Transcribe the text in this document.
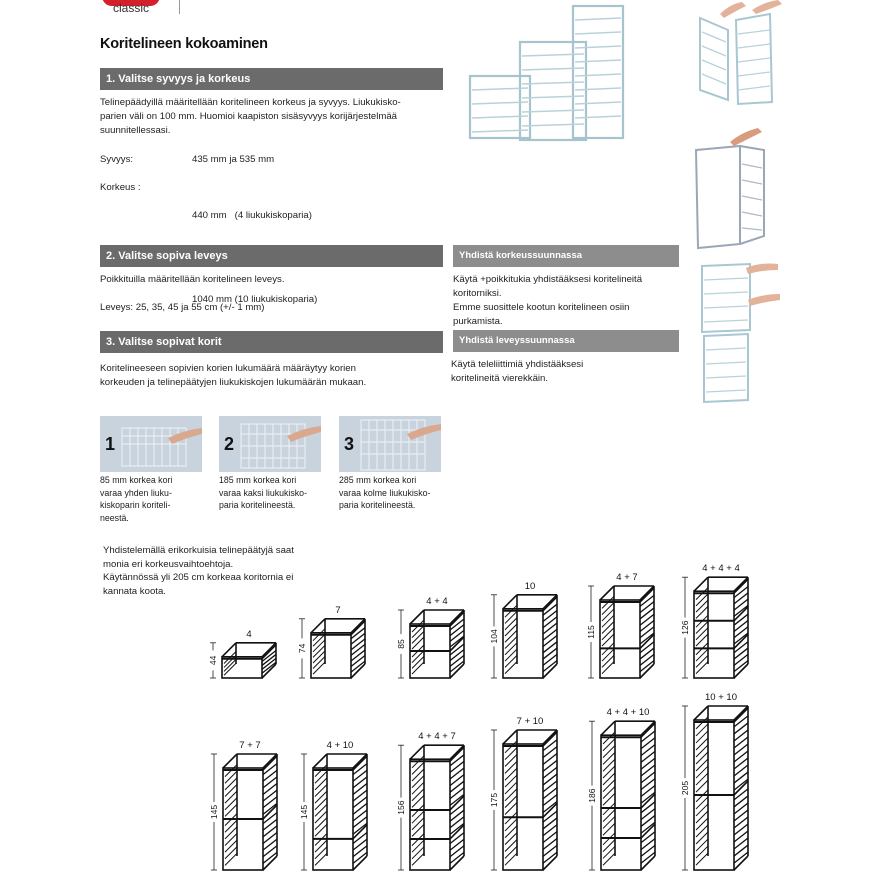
classic
Koritelineen kokoaminen
1. Valitse syvyys ja korkeus
Telinepäädyillä määritellään koritelineen korkeus ja syvyys. Liukukisko-
parien väli on 100 mm. Huomioi kaapiston sisäsyvyys korijärjestelmää
suunnitellessasi.
Syvyys:	435 mm ja 535 mm
Korkeus :

440 mm   (4 liukukiskoparia)

1040 mm (10 liukukiskoparia)

2. Valitse sopiva leveys
Poikkituilla määritellään koritelineen leveys.
Leveys: 25, 35, 45 ja 55 cm (+/- 1 mm)
3. Valitse sopivat korit
Koritelineeseen sopivien korien lukumäärä määräytyy korien
korkeuden ja telinepäätyjen liukukiskojen lukumäärän mukaan.
Yhdistä korkeussuunnassa
Käytä +poikkitukia yhdistääksesi koritelineitä
koritorniksi.
Emme suosittele kootun koritelineen osiin
purkamista.
Yhdistä leveyssuunnassa
Käytä teleliittimiä yhdistääksesi
koritelineitä vierekkäin.
1
85 mm korkea kori
varaa yhden liuku-
kiskoparin koriteli-
neestä.
2
185 mm korkea kori
varaa kaksi liukukisko-
paria koritelineestä.
3
285 mm korkea kori
varaa kolme liukukisko-
paria koritelineestä.
Yhdistelemällä erikorkuisia telinepäätyjä saat
monia eri korkeusvaihtoehtoja.
Käytännössä yli 205 cm korkeaa koritornia ei
kannata koota.
44
4
74
7
85
4 + 4
104
10
115
4 + 7
126
4 + 4 + 4
145
7 + 7
145
4 + 10
156
4 + 4 + 7
175
7 + 10
186
4 + 4 + 10
205
10 + 10
